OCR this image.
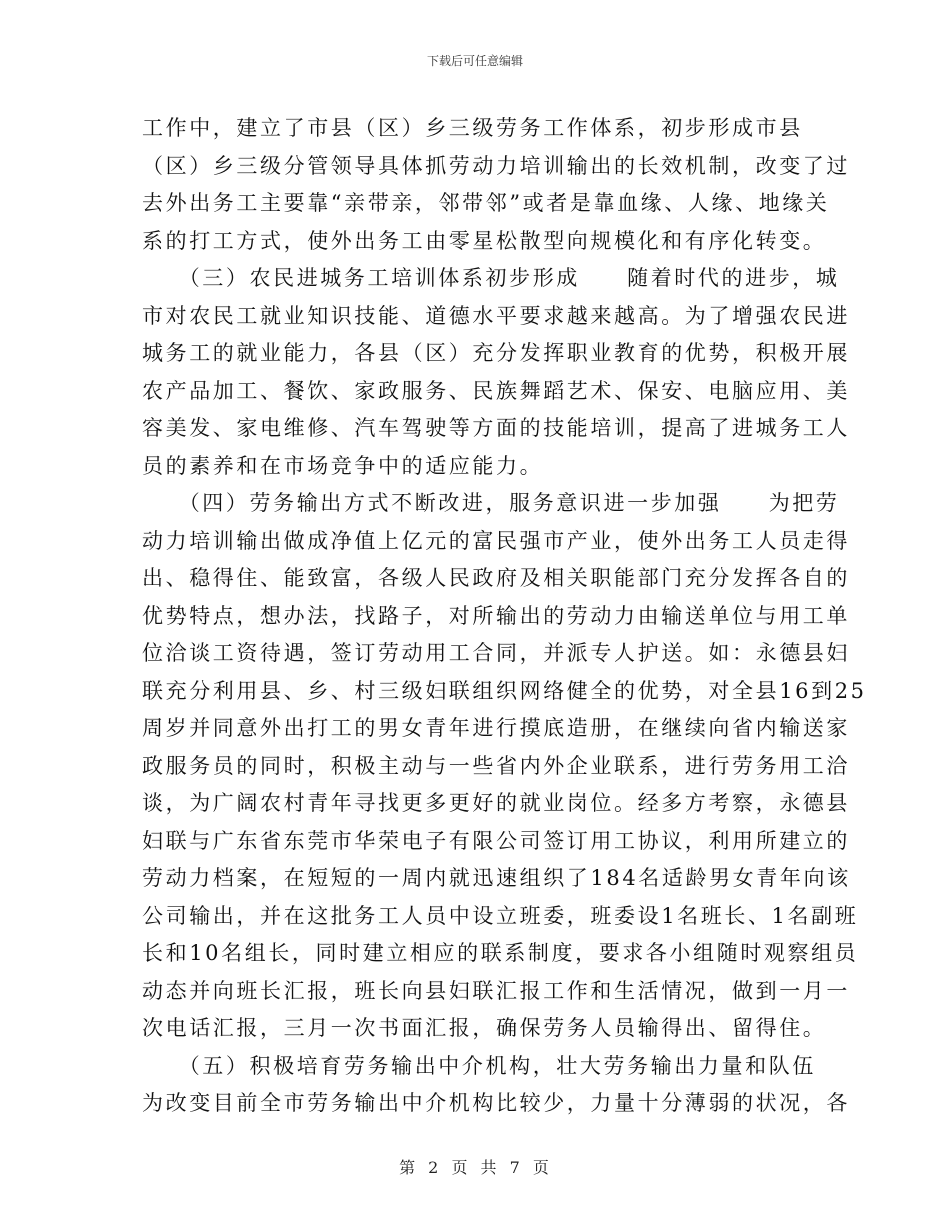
下载后可任意编辑
工作中，建立了市县（区）乡三级劳务工作体系，初步形成市县
（区）乡三级分管领导具体抓劳动力培训输出的长效机制，改变了过
去外出务工主要靠“亲带亲，邻带邻”或者是靠血缘、人缘、地缘关
系的打工方式，使外出务工由零星松散型向规模化和有序化转变。
　　（三）农民进城务工培训体系初步形成　　随着时代的进步，城
市对农民工就业知识技能、道德水平要求越来越高。为了增强农民进
城务工的就业能力，各县（区）充分发挥职业教育的优势，积极开展
农产品加工、餐饮、家政服务、民族舞蹈艺术、保安、电脑应用、美
容美发、家电维修、汽车驾驶等方面的技能培训，提高了进城务工人
员的素养和在市场竞争中的适应能力。
　　（四）劳务输出方式不断改进，服务意识进一步加强　　为把劳
动力培训输出做成净值上亿元的富民强市产业，使外出务工人员走得
出、稳得住、能致富，各级人民政府及相关职能部门充分发挥各自的
优势特点，想办法，找路子，对所输出的劳动力由输送单位与用工单
位洽谈工资待遇，签订劳动用工合同，并派专人护送。如：永德县妇
联充分利用县、乡、村三级妇联组织网络健全的优势，对全县16到25
周岁并同意外出打工的男女青年进行摸底造册，在继续向省内输送家
政服务员的同时，积极主动与一些省内外企业联系，进行劳务用工洽
谈，为广阔农村青年寻找更多更好的就业岗位。经多方考察，永德县
妇联与广东省东莞市华荣电子有限公司签订用工协议，利用所建立的
劳动力档案，在短短的一周内就迅速组织了184名适龄男女青年向该
公司输出，并在这批务工人员中设立班委，班委设1名班长、1名副班
长和10名组长，同时建立相应的联系制度，要求各小组随时观察组员
动态并向班长汇报，班长向县妇联汇报工作和生活情况，做到一月一
次电话汇报，三月一次书面汇报，确保劳务人员输得出、留得住。
　　（五）积极培育劳务输出中介机构，壮大劳务输出力量和队伍
为改变目前全市劳务输出中介机构比较少，力量十分薄弱的状况，各
第 2 页 共 7 页
